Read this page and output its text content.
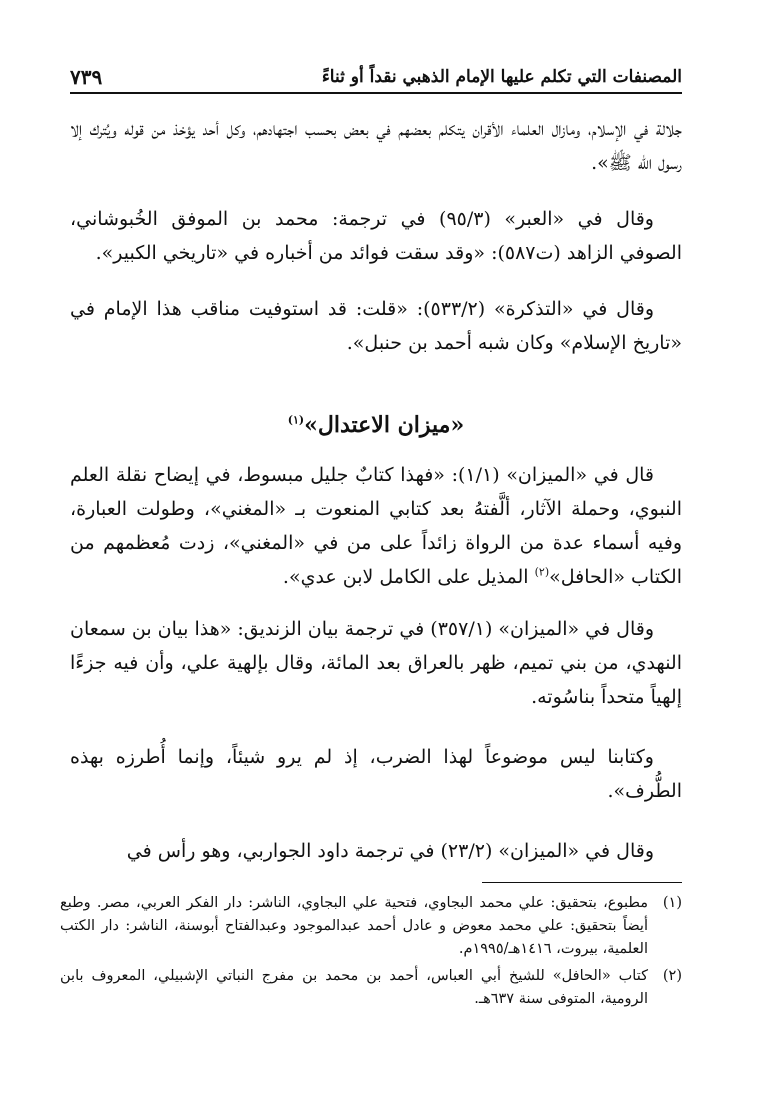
المصنفات التي تكلم عليها الإمام الذهبي نقداً أو ثناءً
٧٣٩

جلالة في الإسلام، ومازال العلماء الأقران يتكلم بعضهم في بعض بحسب اجتهادهم، وكل أحد يؤخذ من قوله ويُترك إلا رسول الله ﷺ».

وقال في «العبر» (٩٥/٣) في ترجمة: محمد بن الموفق الخُبوشاني، الصوفي الزاهد (ت٥٨٧): «وقد سقت فوائد من أخباره في «تاريخي الكبير».

وقال في «التذكرة» (٥٣٣/٢): «قلت: قد استوفيت مناقب هذا الإمام في «تاريخ الإسلام» وكان شبه أحمد بن حنبل».

«ميزان الاعتدال»$^{(١)}$

قال في «الميزان» (١/١): «فهذا كتابٌ جليل مبسوط، في إيضاح نقلة العلم النبوي، وحملة الآثار، ألَّفتهُ بعد كتابي المنعوت بـ «المغني»، وطولت العبارة، وفيه أسماء عدة من الرواة زائداً على من في «المغني»، زدت مُعظمهم من الكتاب «الحافل»$^{(٢)}$ المذيل على الكامل لابن عدي».

وقال في «الميزان» (٣٥٧/١) في ترجمة بيان الزنديق: «هذا بيان بن سمعان النهدي، من بني تميم، ظهر بالعراق بعد المائة، وقال بإلهية علي، وأن فيه جزءًا إلهياً متحداً بناسُوته.

وكتابنا ليس موضوعاً لهذا الضرب، إذ لم يرو شيئاً، وإنما أُطرزه بهذه الطُّرف».

وقال في «الميزان» (٢٣/٢) في ترجمة داود الجواربي، وهو رأس في

(١)
مطبوع، بتحقيق: علي محمد البجاوي، فتحية علي البجاوي، الناشر: دار الفكر العربي، مصر. وطبع أيضاً بتحقيق: علي محمد معوض و عادل أحمد عبدالموجود وعبدالفتاح أبوسنة، الناشر: دار الكتب العلمية، بيروت، ١٤١٦هـ/١٩٩٥م.
(٢)
كتاب «الحافل» للشيخ أبي العباس، أحمد بن محمد بن مفرج النباتي الإشبيلي، المعروف بابن الرومية، المتوفى سنة ٦٣٧هـ.
